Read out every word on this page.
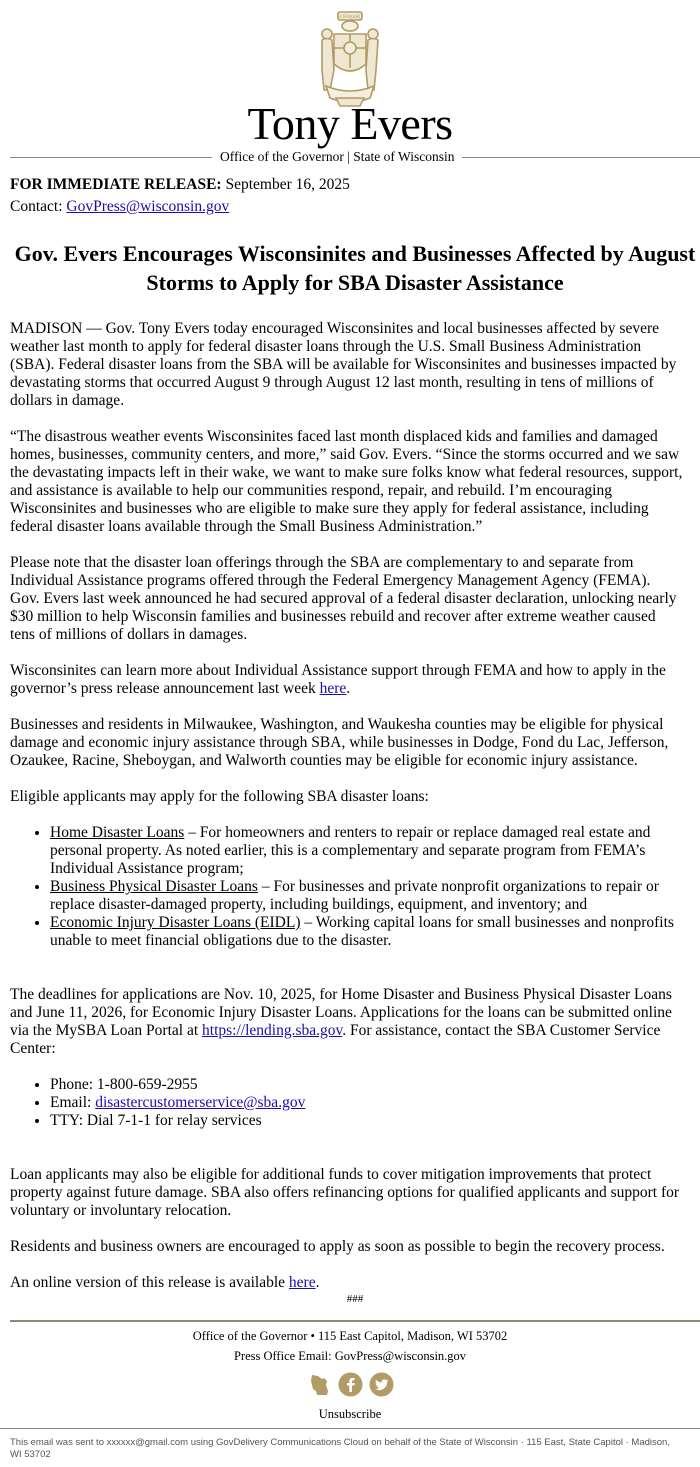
FORWARD
Tony Evers
Office of the Governor | State of Wisconsin
FOR IMMEDIATE RELEASE: September 16, 2025
Contact: GovPress@wisconsin.gov
Gov. Evers Encourages Wisconsinites and Businesses Affected by August Storms to Apply for SBA Disaster Assistance

MADISON — Gov. Tony Evers today encouraged Wisconsinites and local businesses affected by severe
weather last month to apply for federal disaster loans through the U.S. Small Business Administration
(SBA). Federal disaster loans from the SBA will be available for Wisconsinites and businesses impacted by
devastating storms that occurred August 9 through August 12 last month, resulting in tens of millions of
dollars in damage.

“The disastrous weather events Wisconsinites faced last month displaced kids and families and damaged
homes, businesses, community centers, and more,” said Gov. Evers. “Since the storms occurred and we saw
the devastating impacts left in their wake, we want to make sure folks know what federal resources, support,
and assistance is available to help our communities respond, repair, and rebuild. I’m encouraging
Wisconsinites and businesses who are eligible to make sure they apply for federal assistance, including
federal disaster loans available through the Small Business Administration.”

Please note that the disaster loan offerings through the SBA are complementary to and separate from
Individual Assistance programs offered through the Federal Emergency Management Agency (FEMA).
Gov. Evers last week announced he had secured approval of a federal disaster declaration, unlocking nearly
$30 million to help Wisconsin families and businesses rebuild and recover after extreme weather caused
tens of millions of dollars in damages.

Wisconsinites can learn more about Individual Assistance support through FEMA and how to apply in the
governor’s press release announcement last week here.

Businesses and residents in Milwaukee, Washington, and Waukesha counties may be eligible for physical
damage and economic injury assistance through SBA, while businesses in Dodge, Fond du Lac, Jefferson,
Ozaukee, Racine, Sheboygan, and Walworth counties may be eligible for economic injury assistance.

Eligible applicants may apply for the following SBA disaster loans:

• Home Disaster Loans – For homeowners and renters to repair or replace damaged real estate and
personal property. As noted earlier, this is a complementary and separate program from FEMA’s
Individual Assistance program;
• Business Physical Disaster Loans – For businesses and private nonprofit organizations to repair or
replace disaster-damaged property, including buildings, equipment, and inventory; and
• Economic Injury Disaster Loans (EIDL) – Working capital loans for small businesses and nonprofits
unable to meet financial obligations due to the disaster.

The deadlines for applications are Nov. 10, 2025, for Home Disaster and Business Physical Disaster Loans
and June 11, 2026, for Economic Injury Disaster Loans. Applications for the loans can be submitted online
via the MySBA Loan Portal at https://lending.sba.gov. For assistance, contact the SBA Customer Service
Center:

• Phone: 1-800-659-2955
• Email: disastercustomerservice@sba.gov
• TTY: Dial 7-1-1 for relay services

Loan applicants may also be eligible for additional funds to cover mitigation improvements that protect
property against future damage. SBA also offers refinancing options for qualified applicants and support for
voluntary or involuntary relocation.

Residents and business owners are encouraged to apply as soon as possible to begin the recovery process.

An online version of this release is available here.

###
Office of the Governor • 115 East Capitol, Madison, WI 53702
Press Office Email: GovPress@wisconsin.gov
Unsubscribe
This email was sent to xxxxxx@gmail.com using GovDelivery Communications Cloud on behalf of the State of Wisconsin · 115 East, State Capitol · Madison, WI 53702
